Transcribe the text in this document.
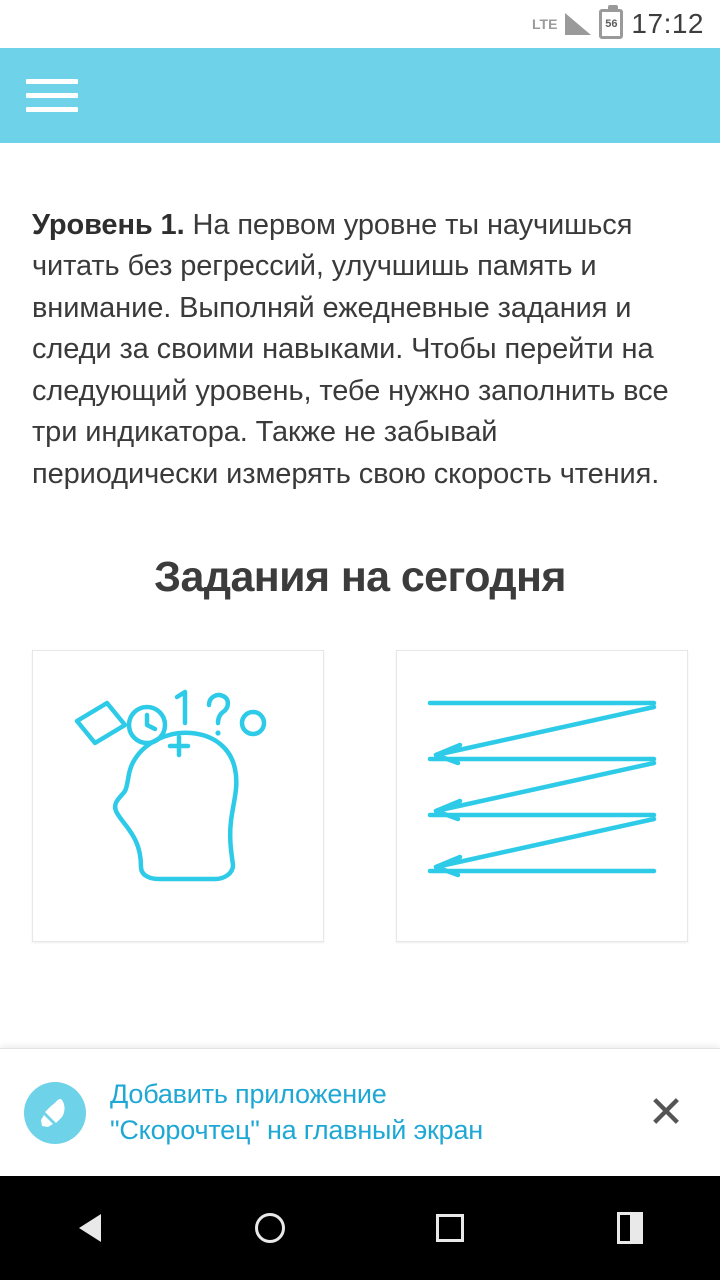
LTE	56 17:12

Уровень 1. На первом уровне ты научишься читать без регрессий, улучшишь память и внимание. Выполняй ежедневные задания и следи за своими навыками. Чтобы перейти на следующий уровень, тебе нужно заполнить все три индикатора. Также не забывай периодически измерять свою скорость чтения.

Задания на сегодня
Добавить приложение
"Скорочтец" на главный экран	✕
